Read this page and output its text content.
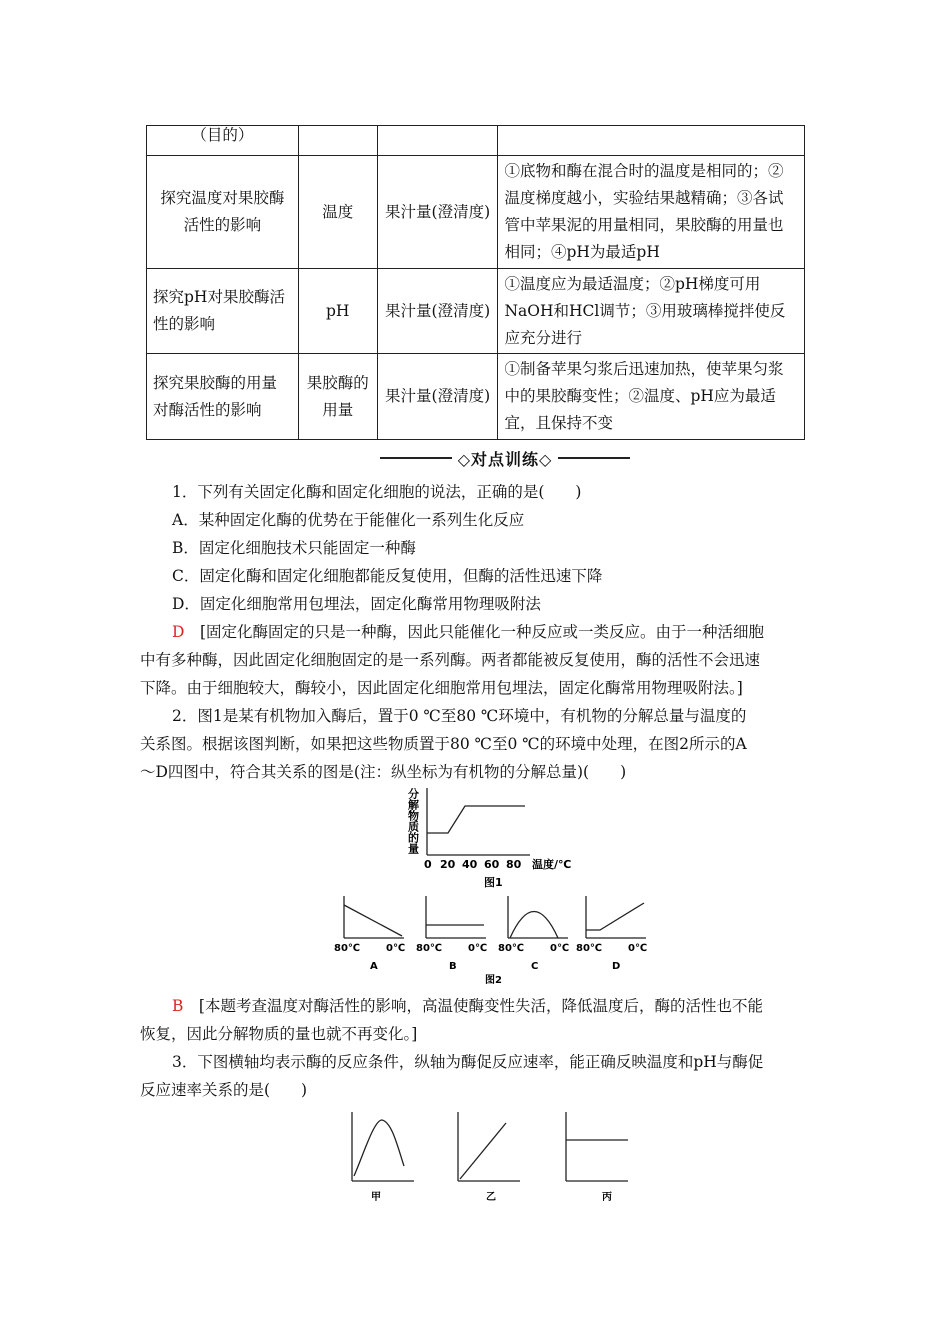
（目的）			
探究温度对果胶酶活性的影响	温度	果汁量(澄清度)	①底物和酶在混合时的温度是相同的；②温度梯度越小，实验结果越精确；③各试管中苹果泥的用量相同，果胶酶的用量也相同；④pH为最适pH
探究pH对果胶酶活性的影响	pH	果汁量(澄清度)	①温度应为最适温度；②pH梯度可用NaOH和HCl调节；③用玻璃棒搅拌使反应充分进行
探究果胶酶的用量对酶活性的影响	果胶酶的用量	果汁量(澄清度)	①制备苹果匀浆后迅速加热，使苹果匀浆中的果胶酶变性；②温度、pH应为最适宜，且保持不变
◇对点训练◇
1．下列有关固定化酶和固定化细胞的说法，正确的是(　　)
A．某种固定化酶的优势在于能催化一系列生化反应
B．固定化细胞技术只能固定一种酶
C．固定化酶和固定化细胞都能反复使用，但酶的活性迅速下降
D．固定化细胞常用包埋法，固定化酶常用物理吸附法
D　 [固定化酶固定的只是一种酶，因此只能催化一种反应或一类反应。由于一种活细胞
中有多种酶，因此固定化细胞固定的是一系列酶。两者都能被反复使用，酶的活性不会迅速
下降。由于细胞较大，酶较小，因此固定化细胞常用包埋法，固定化酶常用物理吸附法。]
2．图1是某有机物加入酶后，置于0 ℃至80 ℃环境中，有机物的分解总量与温度的
关系图。根据该图判断，如果把这些物质置于80 ℃至0 ℃的环境中处理，在图2所示的A
～D四图中，符合其关系的图是(注：纵坐标为有机物的分解总量)(　　)
分解物质的量
0 20 40 60 80 温度/℃
图1
80℃	0℃
A
80℃	0℃
B
80℃	0℃
C
80℃	0℃
D
图2
B　 [本题考查温度对酶活性的影响，高温使酶变性失活，降低温度后，酶的活性也不能
恢复，因此分解物质的量也就不再变化。]
3．下图横轴均表示酶的反应条件，纵轴为酶促反应速率，能正确反映温度和pH与酶促
反应速率关系的是(　　)
甲	乙	丙
